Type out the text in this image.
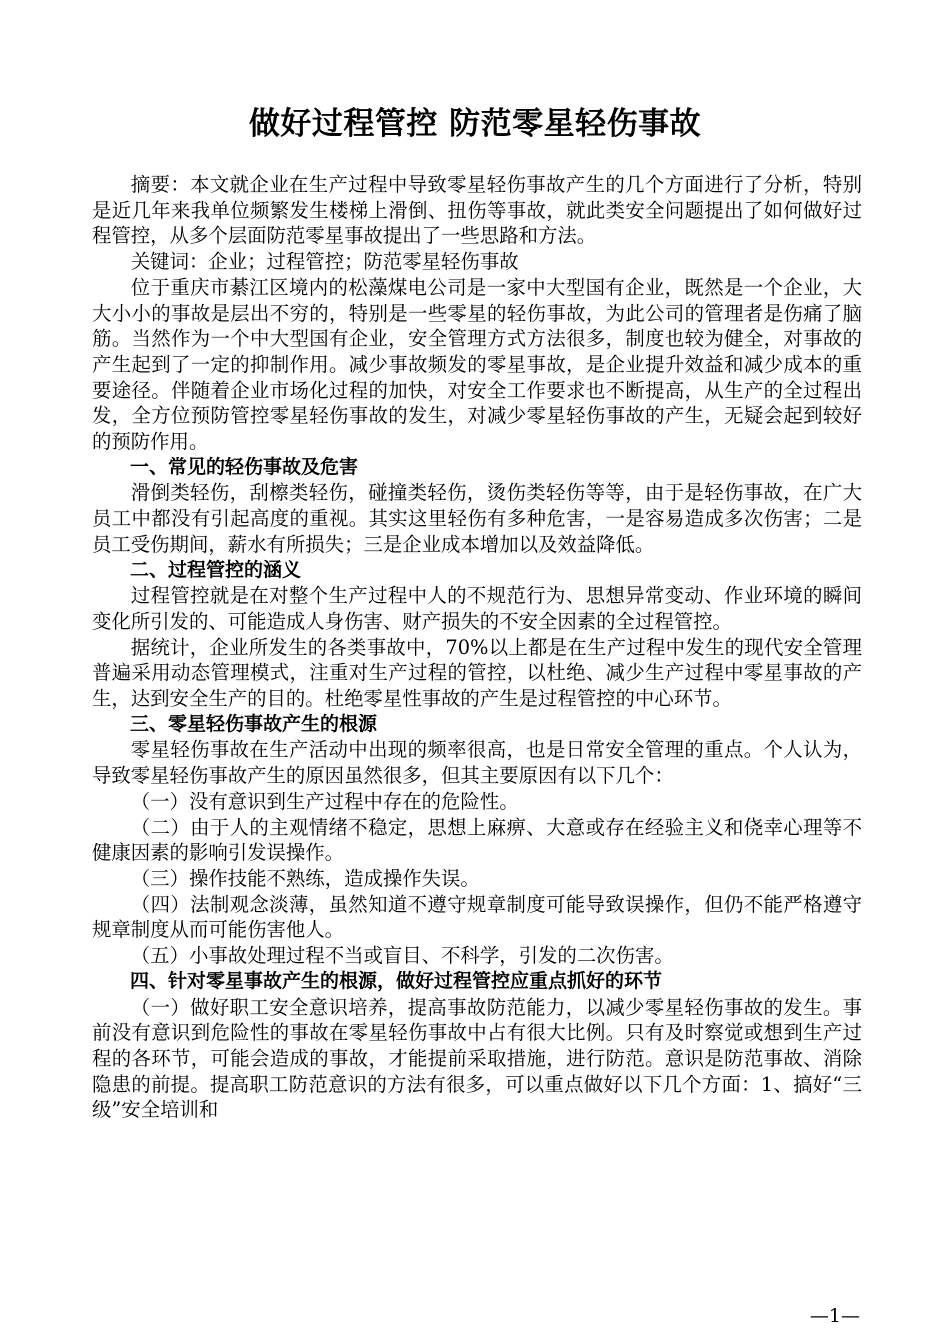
做好过程管控 防范零星轻伤事故

摘要：本文就企业在生产过程中导致零星轻伤事故产生的几个方面进行了分析，特别是近几年来我单位频繁发生楼梯上滑倒、扭伤等事故，就此类安全问题提出了如何做好过程管控，从多个层面防范零星事故提出了一些思路和方法。

关键词：企业；过程管控；防范零星轻伤事故

位于重庆市綦江区境内的松藻煤电公司是一家中大型国有企业，既然是一个企业，大大小小的事故是层出不穷的，特别是一些零星的轻伤事故，为此公司的管理者是伤痛了脑筋。当然作为一个中大型国有企业，安全管理方式方法很多，制度也较为健全，对事故的产生起到了一定的抑制作用。减少事故频发的零星事故，是企业提升效益和减少成本的重要途径。伴随着企业市场化过程的加快，对安全工作要求也不断提高，从生产的全过程出发，全方位预防管控零星轻伤事故的发生，对减少零星轻伤事故的产生，无疑会起到较好的预防作用。

一、常见的轻伤事故及危害

滑倒类轻伤，刮檫类轻伤，碰撞类轻伤，烫伤类轻伤等等，由于是轻伤事故，在广大员工中都没有引起高度的重视。其实这里轻伤有多种危害，一是容易造成多次伤害；二是员工受伤期间，薪水有所损失；三是企业成本增加以及效益降低。

二、过程管控的涵义

过程管控就是在对整个生产过程中人的不规范行为、思想异常变动、作业环境的瞬间变化所引发的、可能造成人身伤害、财产损失的不安全因素的全过程管控。

据统计，企业所发生的各类事故中，70%以上都是在生产过程中发生的现代安全管理普遍采用动态管理模式，注重对生产过程的管控，以杜绝、减少生产过程中零星事故的产生，达到安全生产的目的。杜绝零星性事故的产生是过程管控的中心环节。

三、零星轻伤事故产生的根源

零星轻伤事故在生产活动中出现的频率很高，也是日常安全管理的重点。个人认为，导致零星轻伤事故产生的原因虽然很多，但其主要原因有以下几个：

（一）没有意识到生产过程中存在的危险性。

（二）由于人的主观情绪不稳定，思想上麻痹、大意或存在经验主义和侥幸心理等不健康因素的影响引发误操作。

（三）操作技能不熟练，造成操作失误。

（四）法制观念淡薄，虽然知道不遵守规章制度可能导致误操作，但仍不能严格遵守规章制度从而可能伤害他人。

（五）小事故处理过程不当或盲目、不科学，引发的二次伤害。

四、针对零星事故产生的根源，做好过程管控应重点抓好的环节

（一）做好职工安全意识培养，提高事故防范能力，以减少零星轻伤事故的发生。事前没有意识到危险性的事故在零星轻伤事故中占有很大比例。只有及时察觉或想到生产过程的各环节，可能会造成的事故，才能提前采取措施，进行防范。意识是防范事故、消除隐患的前提。提高职工防范意识的方法有很多，可以重点做好以下几个方面：1、搞好“三级”安全培训和

—1—
